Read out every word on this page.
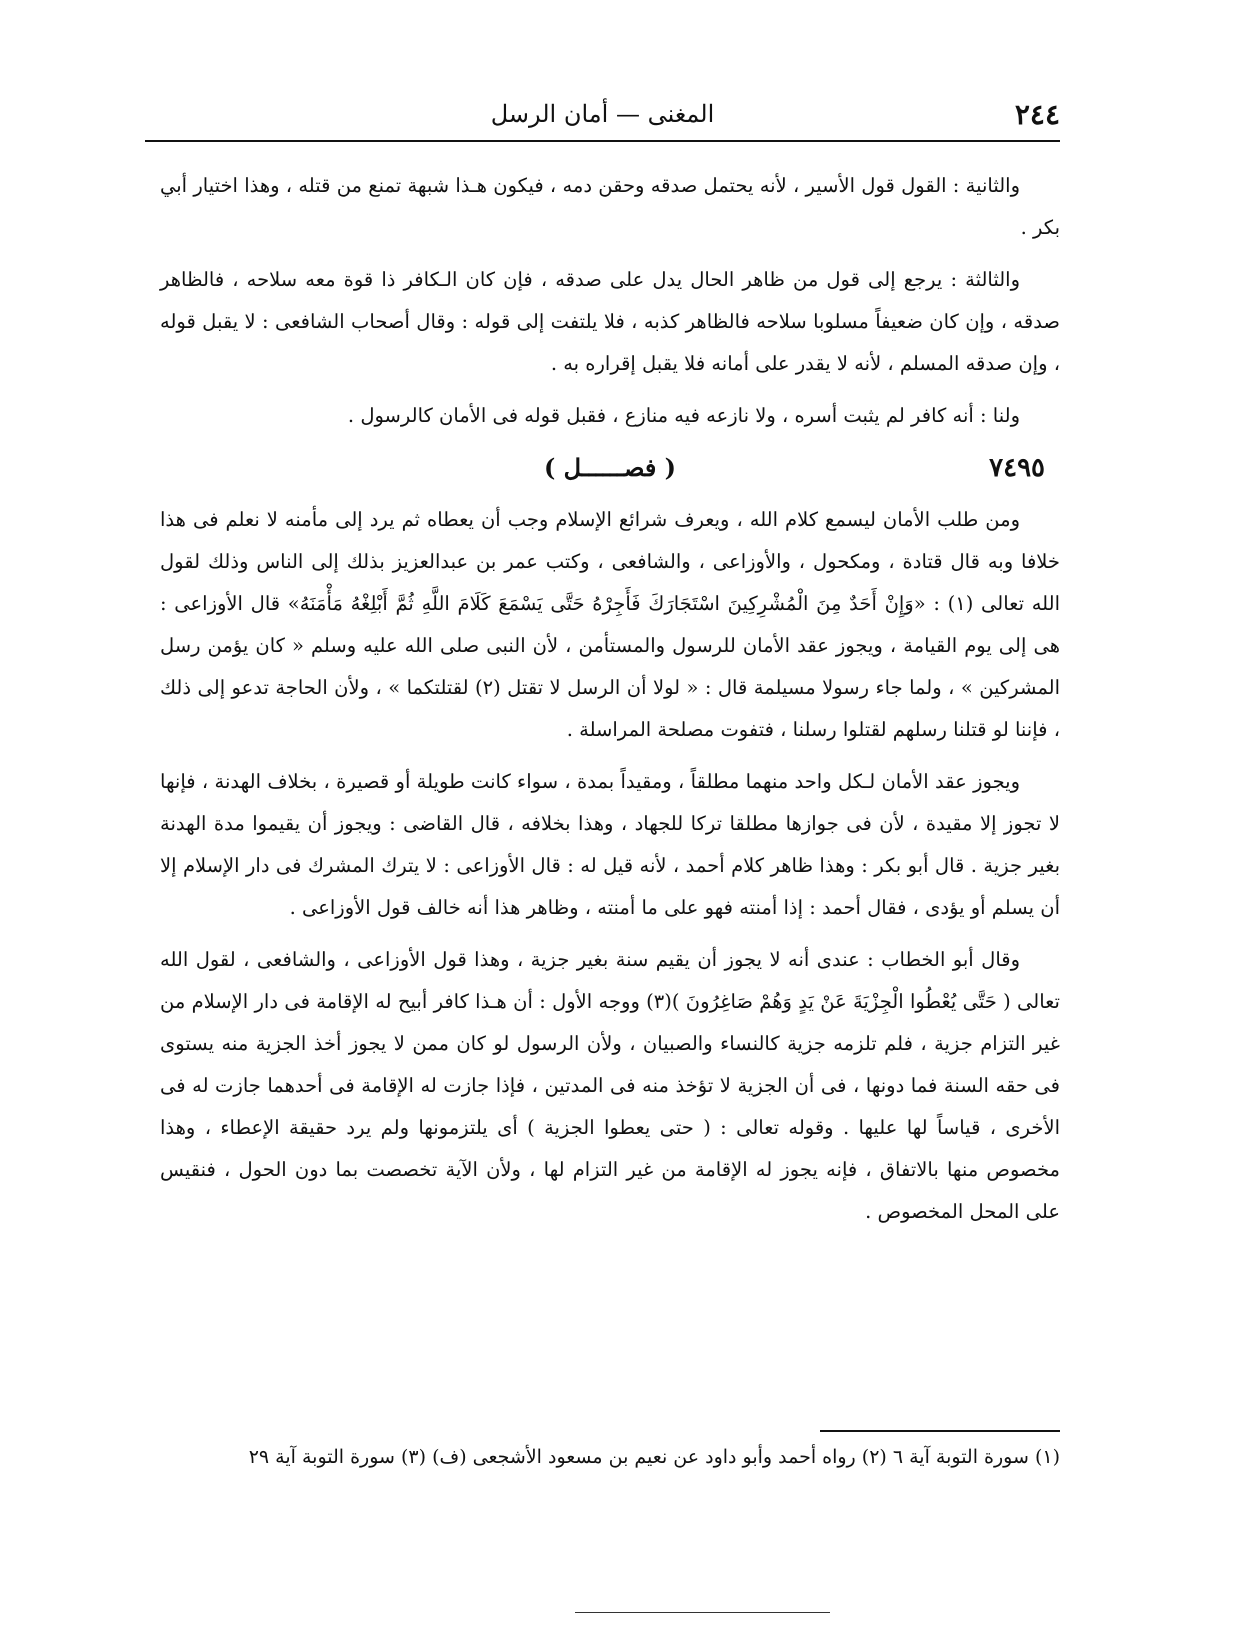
٢٤٤
المغنى — أمان الرسل

والثانية : القول قول الأسير ، لأنه يحتمل صدقه وحقن دمه ، فيكون هـذا شبهة تمنع من قتله ، وهذا اختيار أبي بكر .

والثالثة : يرجع إلى قول من ظاهر الحال يدل على صدقه ، فإن كان الـكافر ذا قوة معه سلاحه ، فالظاهر صدقه ، وإن كان ضعيفاً مسلوبا سلاحه فالظاهر كذبه ، فلا يلتفت إلى قوله : وقال أصحاب الشافعى : لا يقبل قوله ، وإن صدقه المسلم ، لأنه لا يقدر على أمانه فلا يقبل إقراره به .

ولنا : أنه كافر لم يثبت أسره ، ولا نازعه فيه منازع ، فقبل قوله فى الأمان كالرسول .

٧٤٩٥
( فصــــــل )

ومن طلب الأمان ليسمع كلام الله ، ويعرف شرائع الإسلام وجب أن يعطاه ثم يرد إلى مأمنه لا نعلم فى هذا خلافا وبه قال قتادة ، ومكحول ، والأوزاعى ، والشافعى ، وكتب عمر بن عبدالعزيز بذلك إلى الناس وذلك لقول الله تعالى (١) : «وَإِنْ أَحَدٌ مِنَ الْمُشْرِكِينَ اسْتَجَارَكَ فَأَجِرْهُ حَتَّى يَسْمَعَ كَلَامَ اللَّهِ ثُمَّ أَبْلِغْهُ مَأْمَنَهُ» قال الأوزاعى : هى إلى يوم القيامة ، ويجوز عقد الأمان للرسول والمستأمن ، لأن النبى صلى الله عليه وسلم « كان يؤمن رسل المشركين » ، ولما جاء رسولا مسيلمة قال : « لولا أن الرسل لا تقتل (٢) لقتلتكما » ، ولأن الحاجة تدعو إلى ذلك ، فإننا لو قتلنا رسلهم لقتلوا رسلنا ، فتفوت مصلحة المراسلة .

ويجوز عقد الأمان لـكل واحد منهما مطلقاً ، ومقيداً بمدة ، سواء كانت طويلة أو قصيرة ، بخلاف الهدنة ، فإنها لا تجوز إلا مقيدة ، لأن فى جوازها مطلقا تركا للجهاد ، وهذا بخلافه ، قال القاضى : ويجوز أن يقيموا مدة الهدنة بغير جزية . قال أبو بكر : وهذا ظاهر كلام أحمد ، لأنه قيل له : قال الأوزاعى : لا يترك المشرك فى دار الإسلام إلا أن يسلم أو يؤدى ، فقال أحمد : إذا أمنته فهو على ما أمنته ، وظاهر هذا أنه خالف قول الأوزاعى .

وقال أبو الخطاب : عندى أنه لا يجوز أن يقيم سنة بغير جزية ، وهذا قول الأوزاعى ، والشافعى ، لقول الله تعالى ( حَتَّى يُعْطُوا الْجِزْيَةَ عَنْ يَدٍ وَهُمْ صَاغِرُونَ )(٣) ووجه الأول : أن هـذا كافر أبيح له الإقامة فى دار الإسلام من غير التزام جزية ، فلم تلزمه جزية كالنساء والصبيان ، ولأن الرسول لو كان ممن لا يجوز أخذ الجزية منه يستوى فى حقه السنة فما دونها ، فى أن الجزية لا تؤخذ منه فى المدتين ، فإذا جازت له الإقامة فى أحدهما جازت له فى الأخرى ، قياساً لها عليها . وقوله تعالى : ( حتى يعطوا الجزية ) أى يلتزمونها ولم يرد حقيقة الإعطاء ، وهذا مخصوص منها بالاتفاق ، فإنه يجوز له الإقامة من غير التزام لها ، ولأن الآية تخصصت بما دون الحول ، فنقيس على المحل المخصوص .

(١) سورة التوبة آية ٦ (٢) رواه أحمد وأبو داود عن نعيم بن مسعود الأشجعى (ف) (٣) سورة التوبة آية ٢٩
